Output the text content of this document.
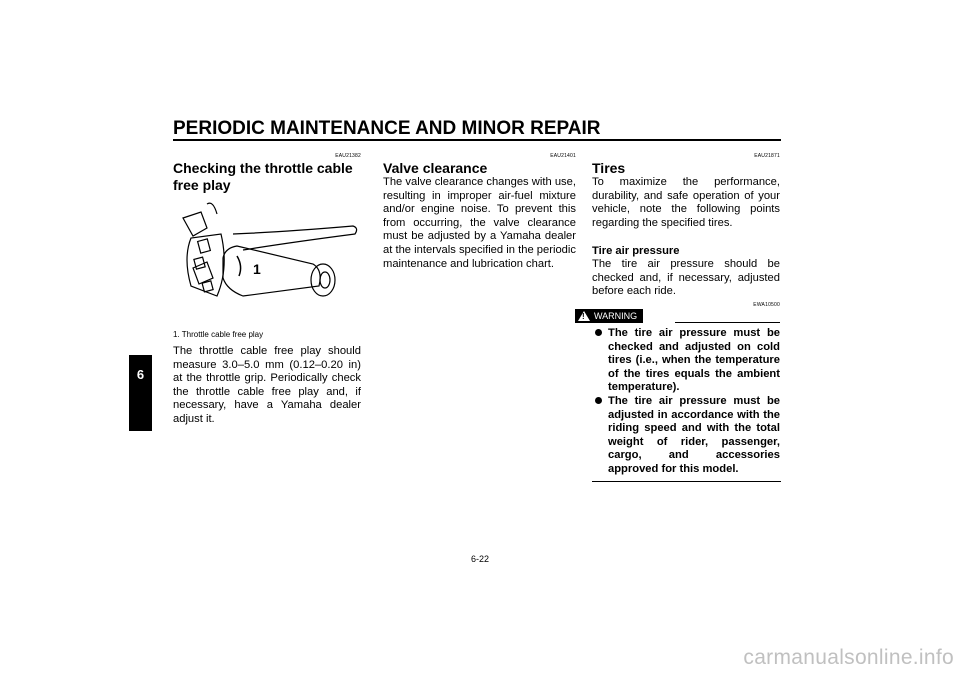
PERIODIC MAINTENANCE AND MINOR REPAIR
6
EAU21382
Checking the throttle cable free play
1
1. Throttle cable free play
The throttle cable free play should measure 3.0–5.0 mm (0.12–0.20 in) at the throttle grip. Periodically check the throttle cable free play and, if necessary, have a Yamaha dealer adjust it.
EAU21401
Valve clearance
The valve clearance changes with use, resulting in improper air-fuel mixture and/or engine noise. To prevent this from occurring, the valve clearance must be adjusted by a Yamaha dealer at the intervals specified in the periodic maintenance and lubrication chart.
EAU21871
Tires
To maximize the performance, durability, and safe operation of your vehicle, note the following points regarding the specified tires.
Tire air pressure
The tire air pressure should be checked and, if necessary, adjusted before each ride.
EWA10500
! WARNING
The tire air pressure must be checked and adjusted on cold tires (i.e., when the temperature of the tires equals the ambient temperature).
The tire air pressure must be adjusted in accordance with the riding speed and with the total weight of rider, passenger, cargo, and accessories approved for this model.
6-22
carmanualsonline.info
